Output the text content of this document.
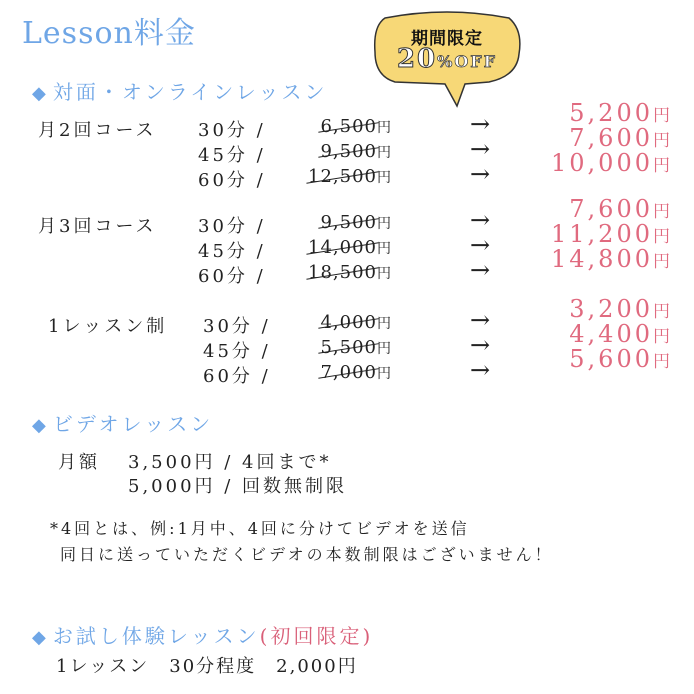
Lesson料金	期間限定
20%OFF
◆ 対面・オンラインレッスン
月2回コース 30分 /	6,500円	→	5,200円
45分 /	9,500円	→	7,600円
60分 / 12,500円	→	10,000円
月3回コース 30分 /	9,500円	→	7,600円
45分 / 14,000円	→	11,200円
60分 / 18,500円	→	14,800円
1レッスン制 30分 /	4,000円	→	3,200円
45分 /	5,500円	→	4,400円
60分 /	7,000円	→	5,600円
◆ ビデオレッスン
月額 3,500円 / 4回まで*
5,000円 / 回数無制限
*4回とは、例:1月中、4回に分けてビデオを送信
同日に送っていただくビデオの本数制限はございません！
◆ お試し体験レッスン(初回限定)
1レッスン　30分程度　2,000円
